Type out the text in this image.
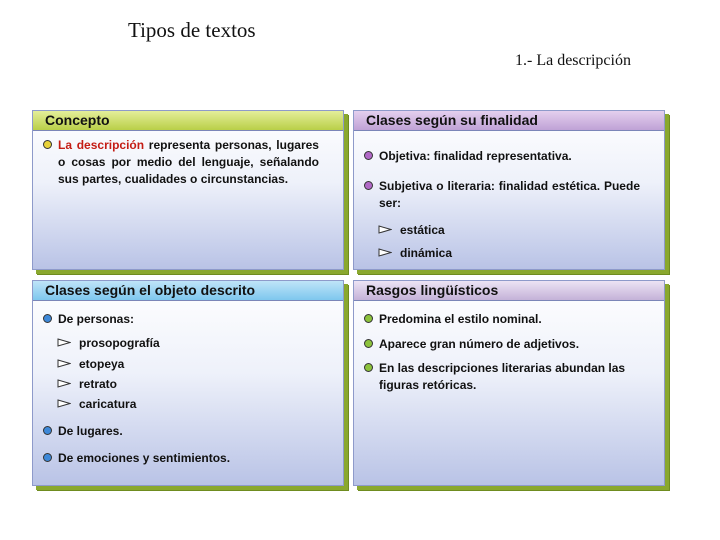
Tipos de textos
1.- La descripción
Concepto
La descripción representa personas, lugares o cosas por medio del lenguaje, señalando sus partes, cualidades o circunstancias.
Clases según su finalidad
Objetiva: finalidad representativa.
Subjetiva o literaria: finalidad estética. Puede ser:
estática
dinámica
Clases según el objeto descrito
De personas:
prosopografía
etopeya
retrato
caricatura
De lugares.
De emociones y sentimientos.
Rasgos lingüísticos
Predomina el estilo nominal.
Aparece gran número de adjetivos.
En las descripciones literarias abundan las figuras retóricas.
